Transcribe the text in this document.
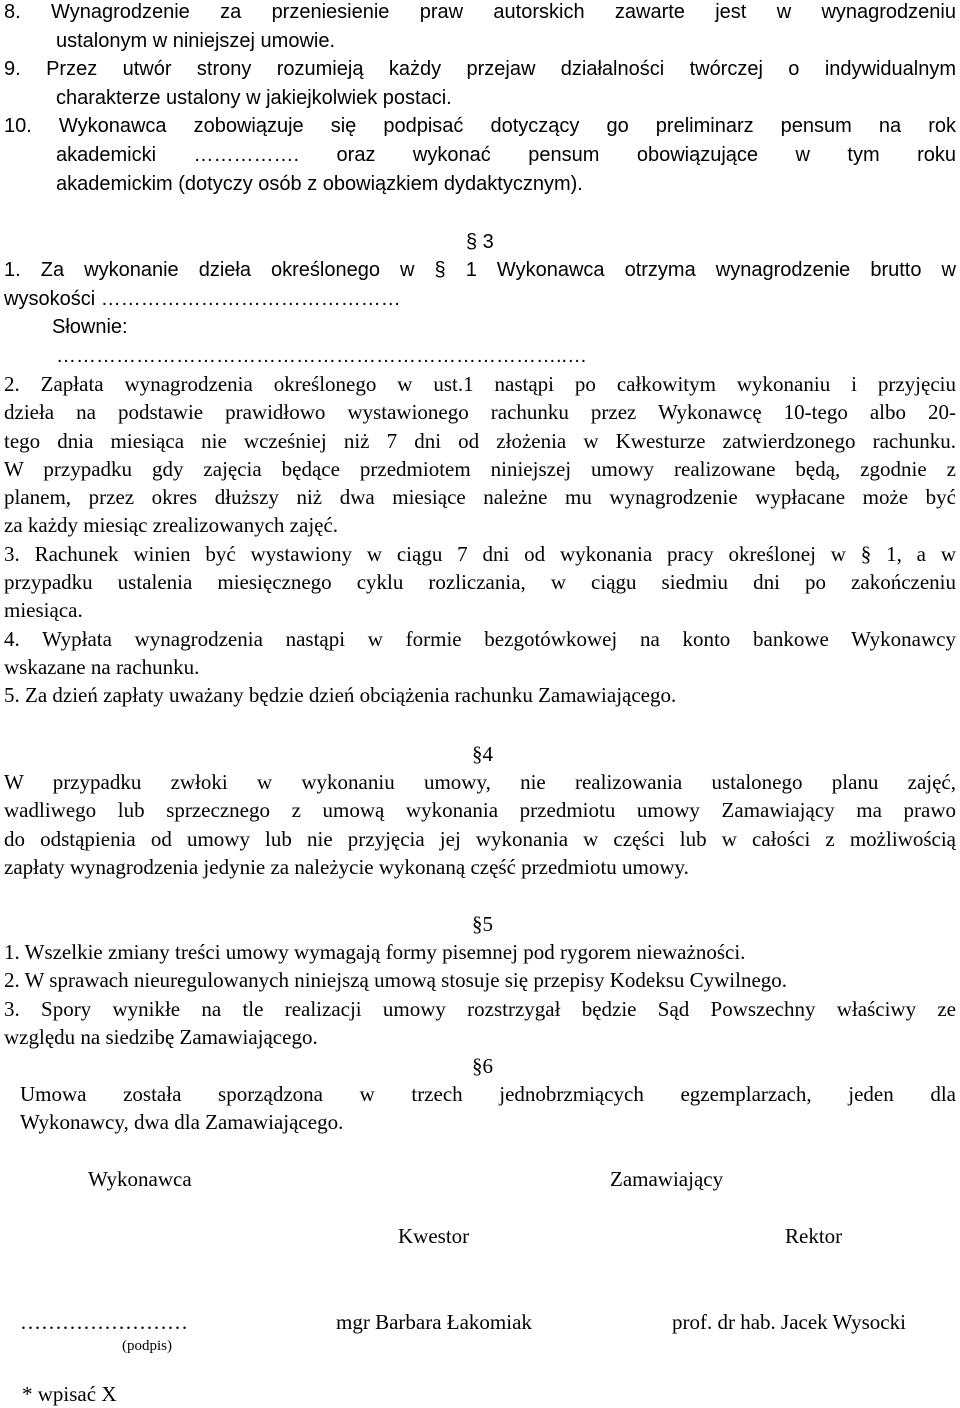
8. Wynagrodzenie za przeniesienie praw autorskich zawarte jest w wynagrodzeniu
ustalonym w niniejszej umowie.
9. Przez utwór strony rozumieją każdy przejaw działalności twórczej o indywidualnym
charakterze ustalony w jakiejkolwiek postaci.
10. Wykonawca zobowiązuje się podpisać dotyczący go preliminarz pensum na rok
akademicki ……………. oraz wykonać pensum obowiązujące w tym roku
akademickim (dotyczy osób z obowiązkiem dydaktycznym).
§ 3
1. Za wykonanie dzieła określonego w § 1 Wykonawca otrzyma wynagrodzenie brutto w
wysokości ………………………………………
Słownie:
…………………………………………………………………..…
2. Zapłata wynagrodzenia określonego w ust.1 nastąpi po całkowitym wykonaniu i przyjęciu
dzieła na podstawie prawidłowo wystawionego rachunku przez Wykonawcę 10-tego albo 20-
tego dnia miesiąca nie wcześniej niż 7 dni od złożenia w Kwesturze zatwierdzonego rachunku.
W przypadku gdy zajęcia będące przedmiotem niniejszej umowy realizowane będą, zgodnie z
planem, przez okres dłuższy niż dwa miesiące należne mu wynagrodzenie wypłacane może być
za każdy miesiąc zrealizowanych zajęć.
3. Rachunek winien być wystawiony w ciągu 7 dni od wykonania pracy określonej w § 1, a w
przypadku ustalenia miesięcznego cyklu rozliczania, w ciągu siedmiu dni po zakończeniu
miesiąca.
4. Wypłata wynagrodzenia nastąpi w formie bezgotówkowej na konto bankowe Wykonawcy
wskazane na rachunku.
5. Za dzień zapłaty uważany będzie dzień obciążenia rachunku Zamawiającego.
§4
W przypadku zwłoki w wykonaniu umowy, nie realizowania ustalonego planu zajęć,
wadliwego lub sprzecznego z umową wykonania przedmiotu umowy Zamawiający ma prawo
do odstąpienia od umowy lub nie przyjęcia jej wykonania w części lub w całości z możliwością
zapłaty wynagrodzenia jedynie za należycie wykonaną część przedmiotu umowy.
§5
1. Wszelkie zmiany treści umowy wymagają formy pisemnej pod rygorem nieważności.
2. W sprawach nieuregulowanych niniejszą umową stosuje się przepisy Kodeksu Cywilnego.
3. Spory wynikłe na tle realizacji umowy rozstrzygał będzie Sąd Powszechny właściwy ze
względu na siedzibę Zamawiającego.
§6
Umowa została sporządzona w trzech jednobrzmiących egzemplarzach, jeden dla
Wykonawcy, dwa dla Zamawiającego.
Wykonawca	Zamawiający
Kwestor	Rektor
……………………
(podpis)
mgr Barbara Łakomiak	prof. dr hab. Jacek Wysocki
* wpisać X
